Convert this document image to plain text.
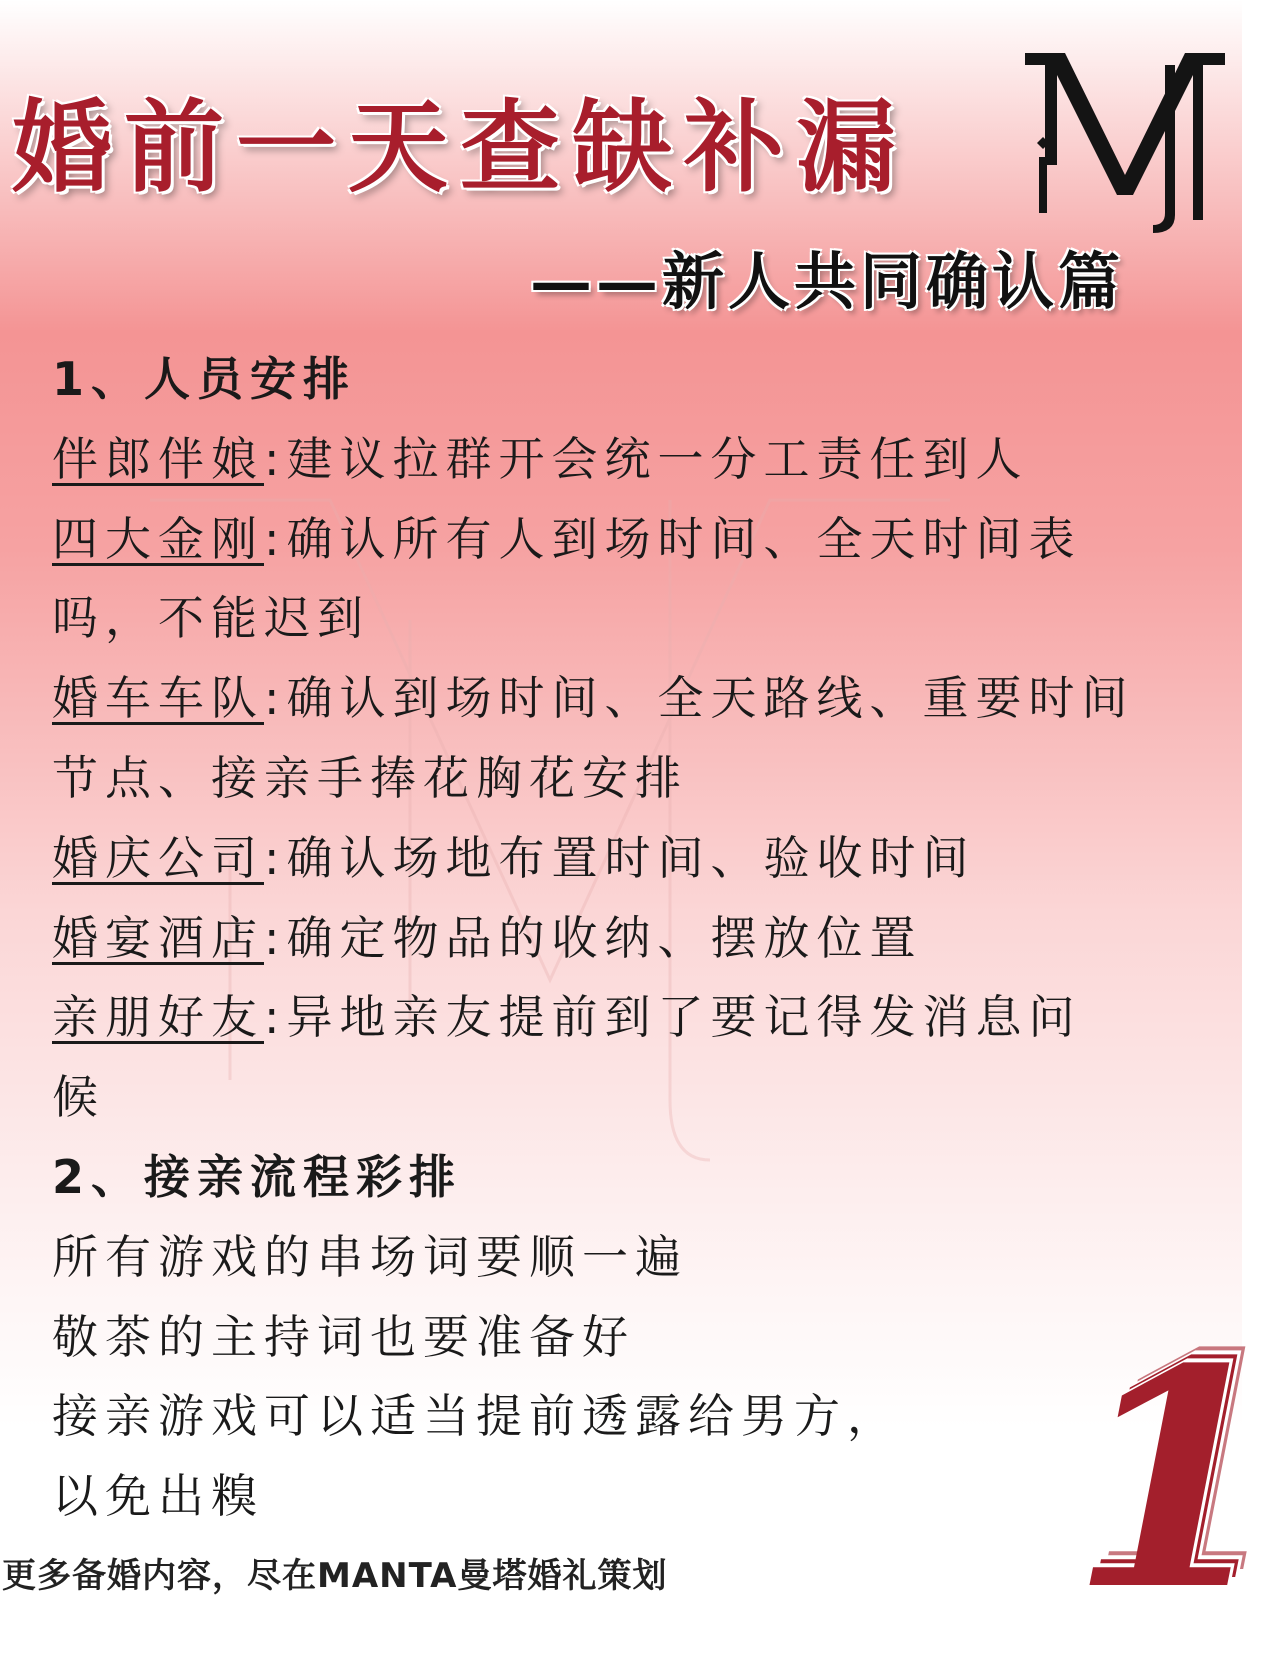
婚前一天查缺补漏
——新人共同确认篇
1、人员安排
伴郎伴娘:建议拉群开会统一分工责任到人
四大金刚:确认所有人到场时间、全天时间表
吗，不能迟到
婚车车队:确认到场时间、全天路线、重要时间
节点、接亲手捧花胸花安排
婚庆公司:确认场地布置时间、验收时间
婚宴酒店:确定物品的收纳、摆放位置
亲朋好友:异地亲友提前到了要记得发消息问
候
2、接亲流程彩排
所有游戏的串场词要顺一遍
敬茶的主持词也要准备好
接亲游戏可以适当提前透露给男方，
以免出糗

更多备婚内容，尽在MANTA曼塔婚礼策划 1
